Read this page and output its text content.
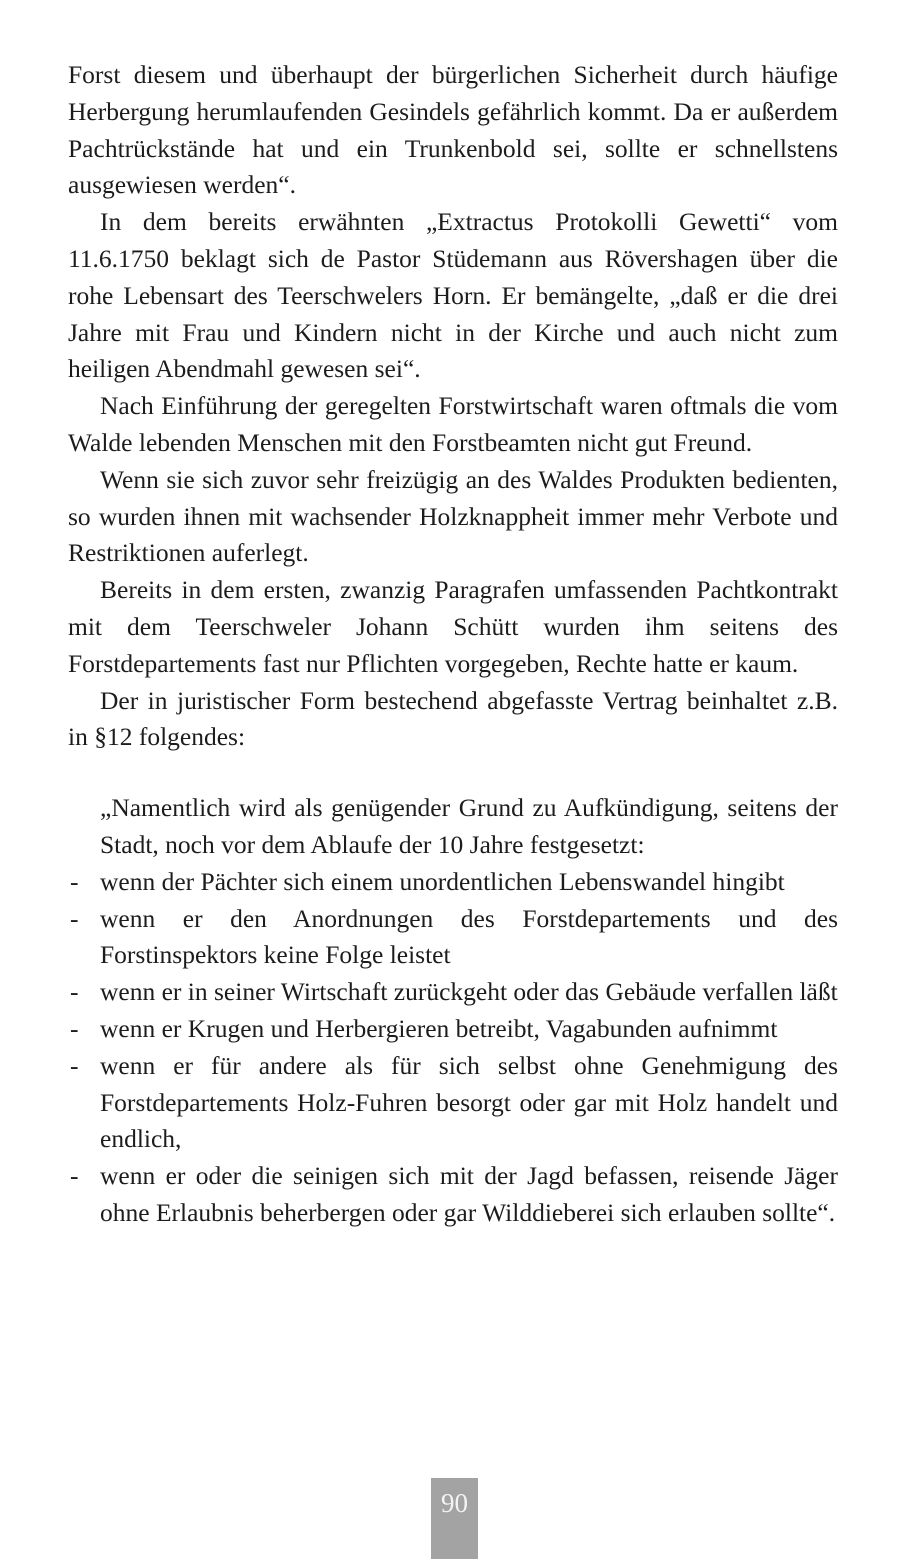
Forst diesem und überhaupt der bürgerlichen Sicherheit durch häufige Herbergung herumlaufenden Gesindels gefährlich kommt. Da er außerdem Pachtrückstände hat und ein Trunkenbold sei, sollte er schnellstens ausgewiesen werden“.

In dem bereits erwähnten „Extractus Protokolli Gewetti“ vom 11.6.1750 beklagt sich de Pastor Stüdemann aus Rövershagen über die rohe Lebensart des Teerschwelers Horn. Er bemängelte, „daß er die drei Jahre mit Frau und Kindern nicht in der Kirche und auch nicht zum heiligen Abendmahl gewesen sei“.

Nach Einführung der geregelten Forstwirtschaft waren oftmals die vom Walde lebenden Menschen mit den Forstbeamten nicht gut Freund.

Wenn sie sich zuvor sehr freizügig an des Waldes Produkten bedienten, so wurden ihnen mit wachsender Holzknappheit immer mehr Verbote und Restriktionen auferlegt.

Bereits in dem ersten, zwanzig Paragrafen umfassenden Pachtkontrakt mit dem Teerschweler Johann Schütt wurden ihm seitens des Forstdepartements fast nur Pflichten vorgegeben, Rechte hatte er kaum.

Der in juristischer Form bestechend abgefasste Vertrag beinhaltet z.B. in §12 folgendes:

„Namentlich wird als genügender Grund zu Aufkündigung, seitens der Stadt, noch vor dem Ablaufe der 10 Jahre festgesetzt:

- wenn der Pächter sich einem unordentlichen Lebenswandel hingibt
- wenn er den Anordnungen des Forstdepartements und des Forstinspektors keine Folge leistet
- wenn er in seiner Wirtschaft zurückgeht oder das Gebäude verfallen läßt
- wenn er Krugen und Herbergieren betreibt, Vagabunden aufnimmt
- wenn er für andere als für sich selbst ohne Genehmigung des Forstdepartements Holz-Fuhren besorgt oder gar mit Holz handelt und endlich,
- wenn er oder die seinigen sich mit der Jagd befassen, reisende Jäger ohne Erlaubnis beherbergen oder gar Wilddieberei sich erlauben sollte“.
90
